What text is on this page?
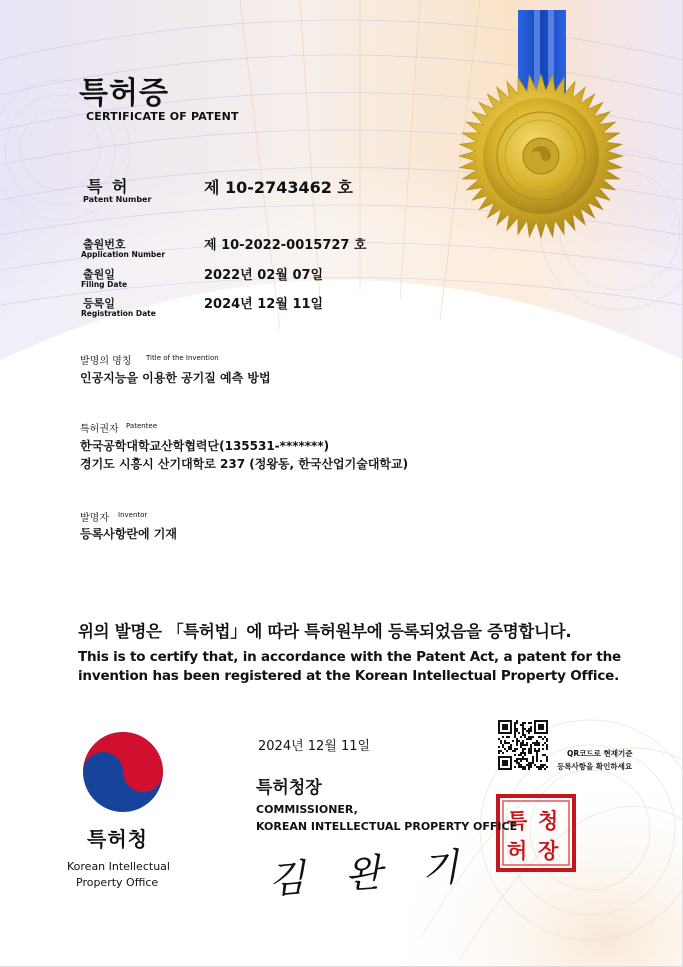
청
특
허 장
특허증
CERTIFICATE OF PATENT
특 허
Patent Number
제 10-2743462 호
출원번호
Application Number
제 10-2022-0015727 호
출원일
Filing Date
2022년 02월 07일
등록일
Registration Date
2024년 12월 11일
발명의 명칭 Title of the Invention
인공지능을 이용한 공기질 예측 방법
특허권자 Patentee
한국공학대학교산학협력단(135531-*******)
경기도 시흥시 산기대학로 237 (정왕동, 한국산업기술대학교)
발명자 Inventor
등록사항란에 기재
위의 발명은 「특허법」에 따라 특허원부에 등록되었음을 증명합니다.
This is to certify that, in accordance with the Patent Act, a patent for the
invention has been registered at the Korean Intellectual Property Office.
2024년 12월 11일
특허청장
COMMISSIONER,
KOREAN INTELLECTUAL PROPERTY OFFICE
김 완 기
QR코드로 현재기준
등록사항을 확인하세요
특허청
Korean Intellectual
Property Office
